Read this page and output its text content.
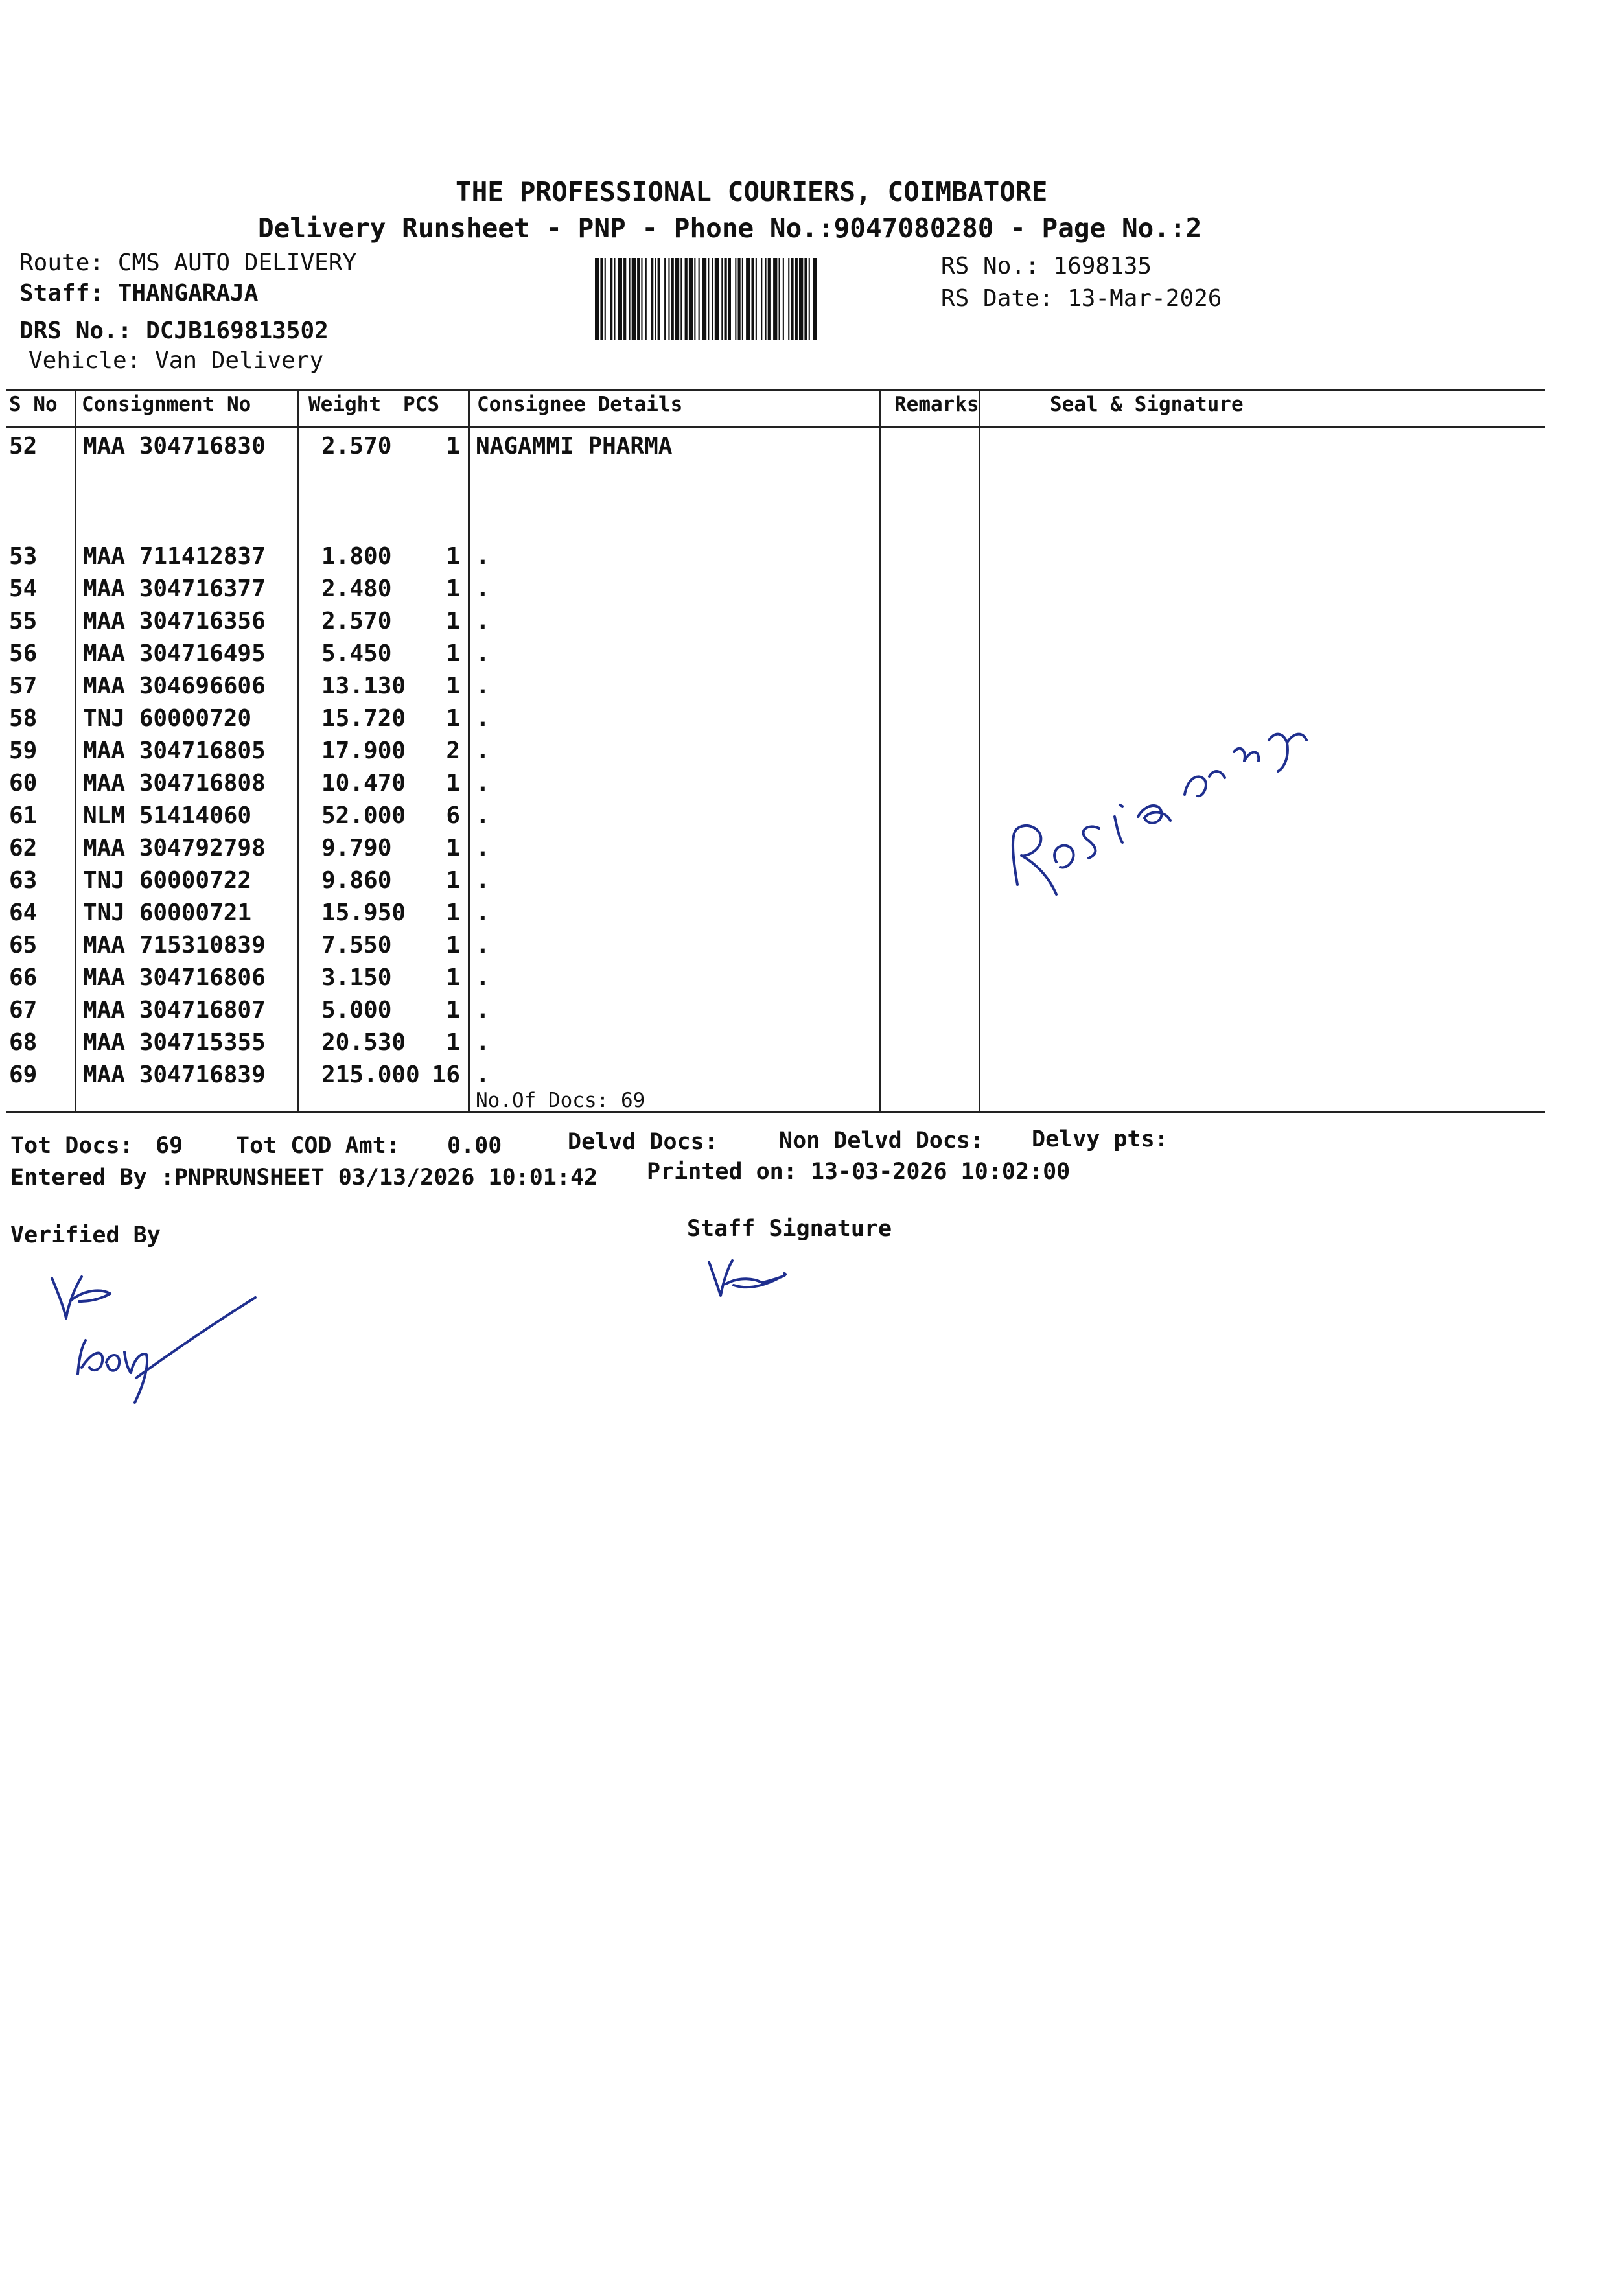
THE PROFESSIONAL COURIERS, COIMBATORE
Delivery Runsheet - PNP - Phone No.:9047080280 - Page No.:2
Route: CMS AUTO DELIVERY
Staff: THANGARAJA
DRS No.: DCJB169813502
Vehicle: Van Delivery
RS No.: 1698135
RS Date: 13-Mar-2026
S No Consignment No	Weight PCS Consignee Details	Remarks	Seal & Signature
52 MAA 304716830 2.570	1 NAGAMMI PHARMA
53 MAA 711412837 1.800	1 .
54 MAA 304716377 2.480	1 .
55 MAA 304716356 2.570	1 .
56 MAA 304716495 5.450	1 .
57 MAA 304696606 13.130	1 .
58 TNJ 60000720	15.720	1 .
59 MAA 304716805 17.900	2 .
60 MAA 304716808 10.470	1 .
61 NLM 51414060	52.000	6 .
62 MAA 304792798 9.790	1 .
63 TNJ 60000722	9.860	1 .
64 TNJ 60000721	15.950	1 .
65 MAA 715310839 7.550	1 .
66 MAA 304716806 3.150	1 .
67 MAA 304716807 5.000	1 .
68 MAA 304715355 20.530	1 .
69 MAA 304716839 215.000 16 .
No.Of Docs: 69
Tot Docs: 69 Tot COD Amt: 0.00	Delvd Docs:	Non Delvd Docs: Delvy pts:
Entered By :PNPRUNSHEET 03/13/2026 10:01:42 Printed on: 13-03-2026 10:02:00
Verified By	Staff Signature
